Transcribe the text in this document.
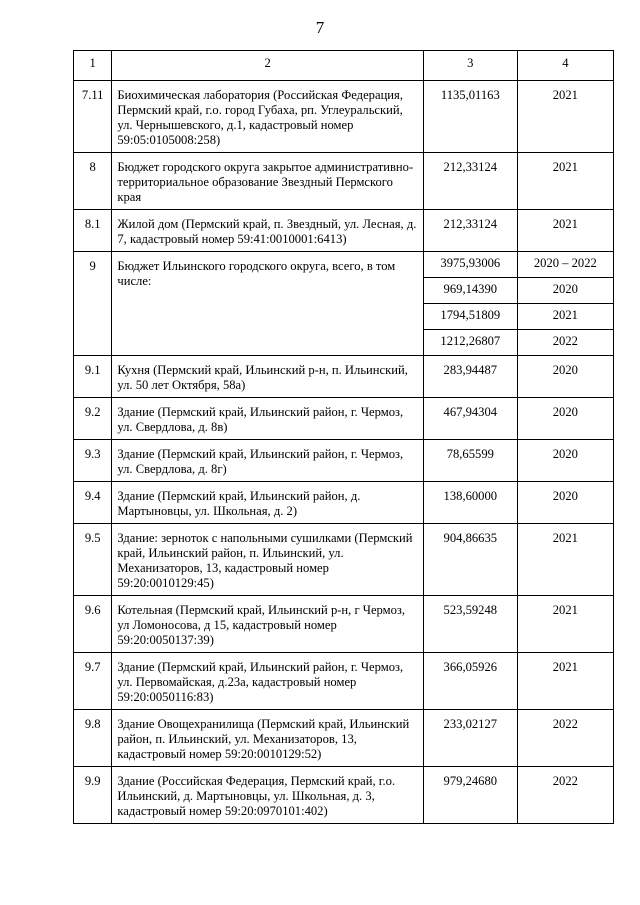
7
1	2	3	4
7.11	Биохимическая лаборатория (Российская Федерация, Пермский край, г.о. город Губаха, рп. Углеуральский, ул. Чернышевского, д.1, кадастровый номер 59:05:0105008:258)	1135,01163	2021
8	Бюджет городского округа закрытое административно-территориальное образование Звездный Пермского края	212,33124	2021
8.1	Жилой дом (Пермский край, п. Звездный, ул. Лесная, д. 7, кадастровый номер 59:41:0010001:6413)	212,33124	2021
9	Бюджет Ильинского городского округа, всего, в том числе:	3975,93006	2020 – 2022
		969,14390	2020
		1794,51809	2021
		1212,26807	2022
9.1	Кухня (Пермский край, Ильинский р-н, п. Ильинский, ул. 50 лет Октября, 58а)	283,94487	2020
9.2	Здание (Пермский край, Ильинский район, г. Чермоз, ул. Свердлова, д. 8в)	467,94304	2020
9.3	Здание (Пермский край, Ильинский район, г. Чермоз, ул. Свердлова, д. 8г)	78,65599	2020
9.4	Здание (Пермский край, Ильинский район, д. Мартыновцы, ул. Школьная, д. 2)	138,60000	2020
9.5	Здание: зерноток с напольными сушилками (Пермский край, Ильинский район, п. Ильинский, ул. Механизаторов, 13, кадастровый номер 59:20:0010129:45)	904,86635	2021
9.6	Котельная (Пермский край, Ильинский р-н, г Чермоз, ул Ломоносова, д 15, кадастровый номер 59:20:0050137:39)	523,59248	2021
9.7	Здание (Пермский край, Ильинский район, г. Чермоз, ул. Первомайская, д.23а, кадастровый номер 59:20:0050116:83)	366,05926	2021
9.8	Здание Овощехранилища (Пермский край, Ильинский район, п. Ильинский, ул. Механизаторов, 13, кадастровый номер 59:20:0010129:52)	233,02127	2022
9.9	Здание (Российская Федерация, Пермский край, г.о. Ильинский, д. Мартыновцы, ул. Школьная, д. 3, кадастровый номер 59:20:0970101:402)	979,24680	2022
